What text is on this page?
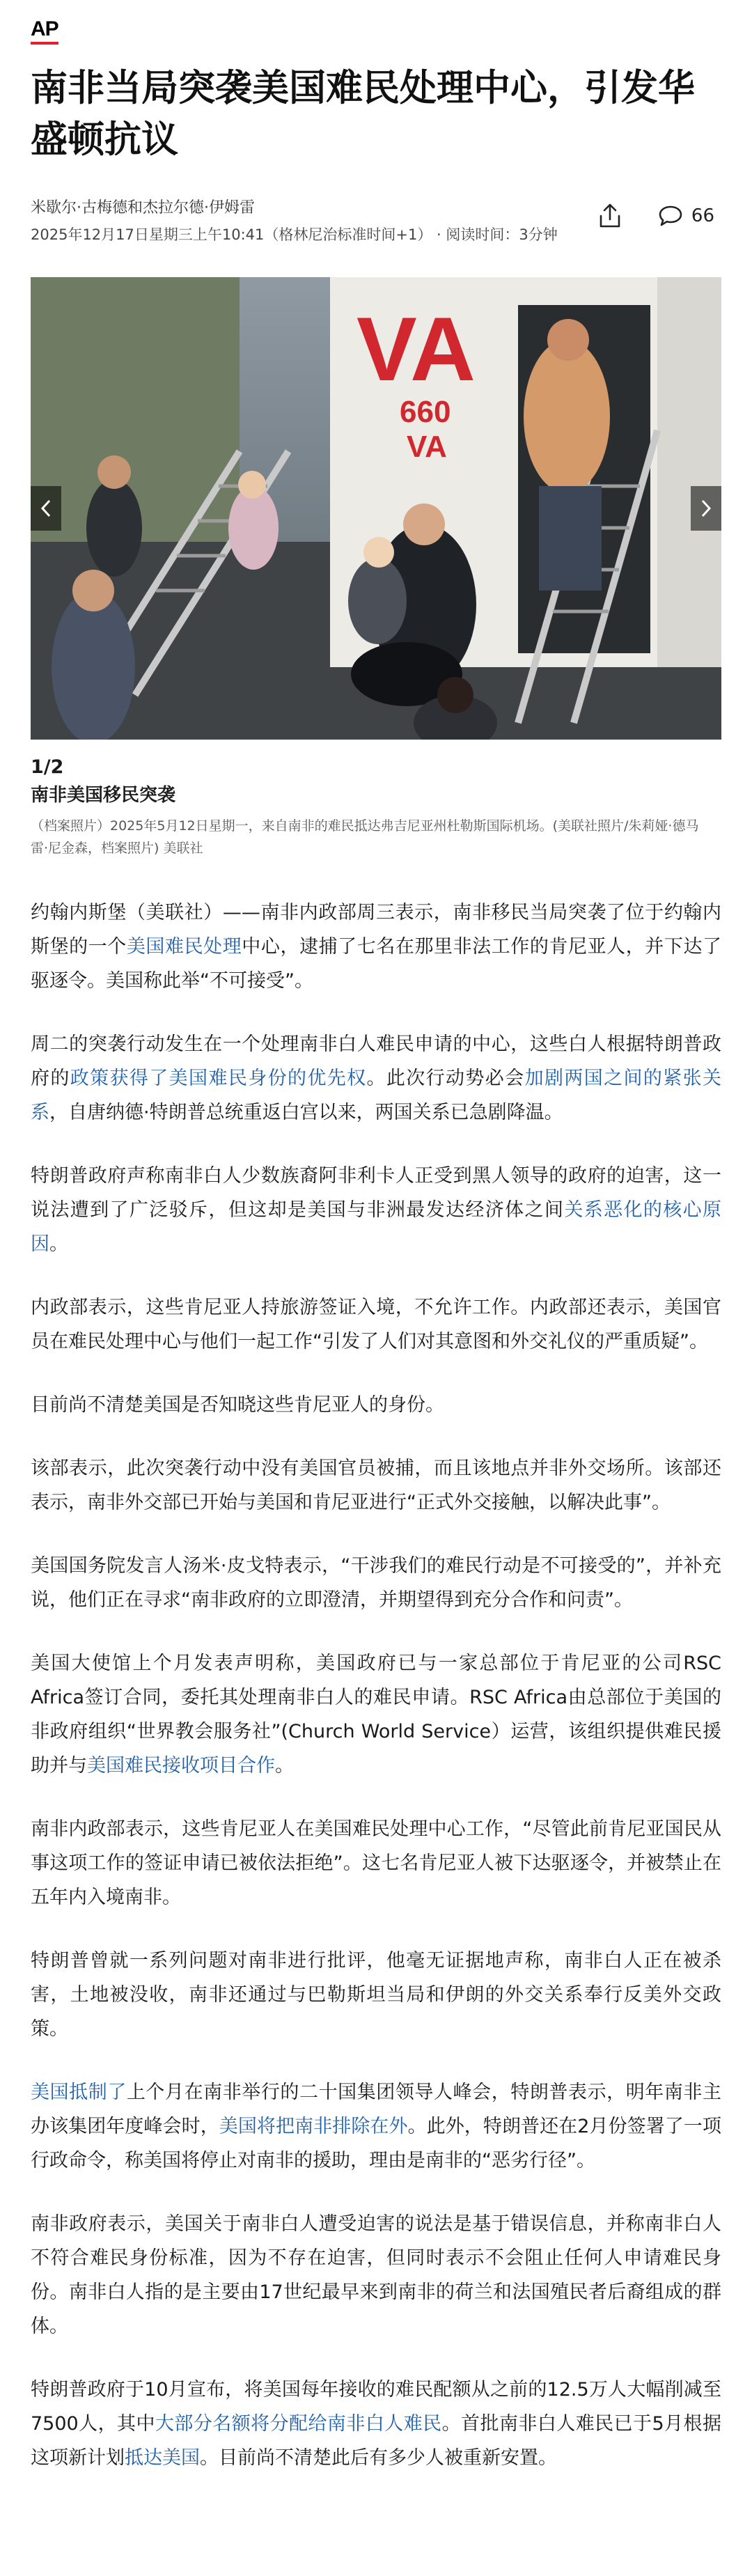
AP
南非当局突袭美国难民处理中心，引发华盛顿抗议
米歇尔·古梅德和杰拉尔德·伊姆雷
2025年12月17日星期三上午10:41（格林尼治标准时间+1） · 阅读时间：3分钟
66
VA
660
VA
1/2
南非美国移民突袭
（档案照片）2025年5月12日星期一，来自南非的难民抵达弗吉尼亚州杜勒斯国际机场。(美联社照片/朱莉娅·德马雷·尼金森，档案照片) 美联社

约翰内斯堡（美联社）——南非内政部周三表示，南非移民当局突袭了位于约翰内斯堡的一个美国难民处理中心，逮捕了七名在那里非法工作的肯尼亚人，并下达了驱逐令。美国称此举“不可接受”。

周二的突袭行动发生在一个处理南非白人难民申请的中心，这些白人根据特朗普政府的政策获得了美国难民身份的优先权。此次行动势必会加剧两国之间的紧张关系，自唐纳德·特朗普总统重返白宫以来，两国关系已急剧降温。

特朗普政府声称南非白人少数族裔阿非利卡人正受到黑人领导的政府的迫害，这一说法遭到了广泛驳斥，但这却是美国与非洲最发达经济体之间关系恶化的核心原因。

内政部表示，这些肯尼亚人持旅游签证入境，不允许工作。内政部还表示，美国官员在难民处理中心与他们一起工作“引发了人们对其意图和外交礼仪的严重质疑”。

目前尚不清楚美国是否知晓这些肯尼亚人的身份。

该部表示，此次突袭行动中没有美国官员被捕，而且该地点并非外交场所。该部还表示，南非外交部已开始与美国和肯尼亚进行“正式外交接触，以解决此事”。

美国国务院发言人汤米·皮戈特表示，“干涉我们的难民行动是不可接受的”，并补充说，他们正在寻求“南非政府的立即澄清，并期望得到充分合作和问责”。

美国大使馆上个月发表声明称，美国政府已与一家总部位于肯尼亚的公司RSC Africa签订合同，委托其处理南非白人的难民申请。RSC Africa由总部位于美国的非政府组织“世界教会服务社”(Church World Service）运营，该组织提供难民援助并与美国难民接收项目合作。

南非内政部表示，这些肯尼亚人在美国难民处理中心工作，“尽管此前肯尼亚国民从事这项工作的签证申请已被依法拒绝”。这七名肯尼亚人被下达驱逐令，并被禁止在五年内入境南非。

特朗普曾就一系列问题对南非进行批评，他毫无证据地声称，南非白人正在被杀害，土地被没收，南非还通过与巴勒斯坦当局和伊朗的外交关系奉行反美外交政策。

美国抵制了上个月在南非举行的二十国集团领导人峰会，特朗普表示，明年南非主办该集团年度峰会时，美国将把南非排除在外。此外，特朗普还在2月份签署了一项行政命令，称美国将停止对南非的援助，理由是南非的“恶劣行径”。

南非政府表示，美国关于南非白人遭受迫害的说法是基于错误信息，并称南非白人不符合难民身份标准，因为不存在迫害，但同时表示不会阻止任何人申请难民身份。南非白人指的是主要由17世纪最早来到南非的荷兰和法国殖民者后裔组成的群体。

特朗普政府于10月宣布，将美国每年接收的难民配额从之前的12.5万人大幅削减至7500人，其中大部分名额将分配给南非白人难民。首批南非白人难民已于5月根据这项新计划抵达美国。目前尚不清楚此后有多少人被重新安置。
